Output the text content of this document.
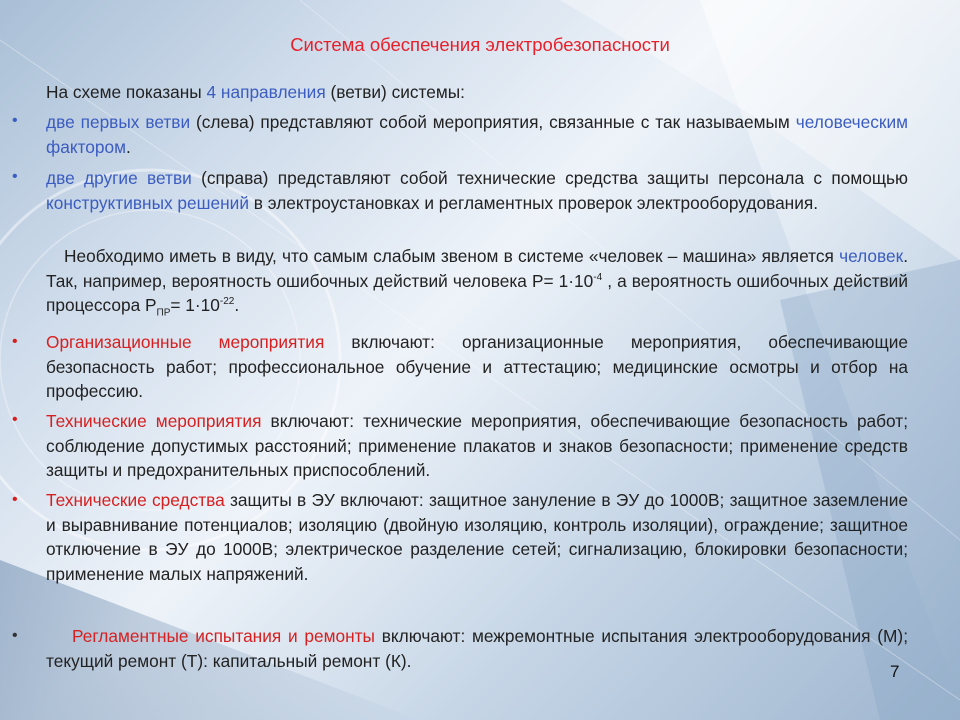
Система обеспечения электробезопасности
На схеме показаны 4 направления (ветви) системы:
• две первых ветви (слева) представляют собой мероприятия, связанные с так называемым человеческим фактором.
• две другие ветви (справа) представляют собой технические средства защиты персонала с помощью конструктивных решений в электроустановках и регламентных проверок электрооборудования.
Необходимо иметь в виду, что самым слабым звеном в системе «человек – машина» является человек. Так, например, вероятность ошибочных действий человека $P= 1\cdot 10^{-4}$ , а вероятность ошибочных действий процессора $P_{ПР}= 1\cdot 10^{-22}$.
• Организационные мероприятия включают: организационные мероприятия, обеспечивающие безопасность работ; профессиональное обучение и аттестацию; медицинские осмотры и отбор на профессию.
• Технические мероприятия включают: технические мероприятия, обеспечивающие безопасность работ; соблюдение допустимых расстояний; применение плакатов и знаков безопасности; применение средств защиты и предохранительных приспособлений.
• Технические средства защиты в ЭУ включают: защитное зануление в ЭУ до 1000В; защитное заземление и выравнивание потенциалов; изоляцию (двойную изоляцию, контроль изоляции), ограждение; защитное отключение в ЭУ до 1000В; электрическое разделение сетей; сигнализацию, блокировки безопасности; применение малых напряжений.
•	Регламентные испытания и ремонты включают: межремонтные испытания электрооборудования (М); текущий ремонт (Т): капитальный ремонт (К).
7
